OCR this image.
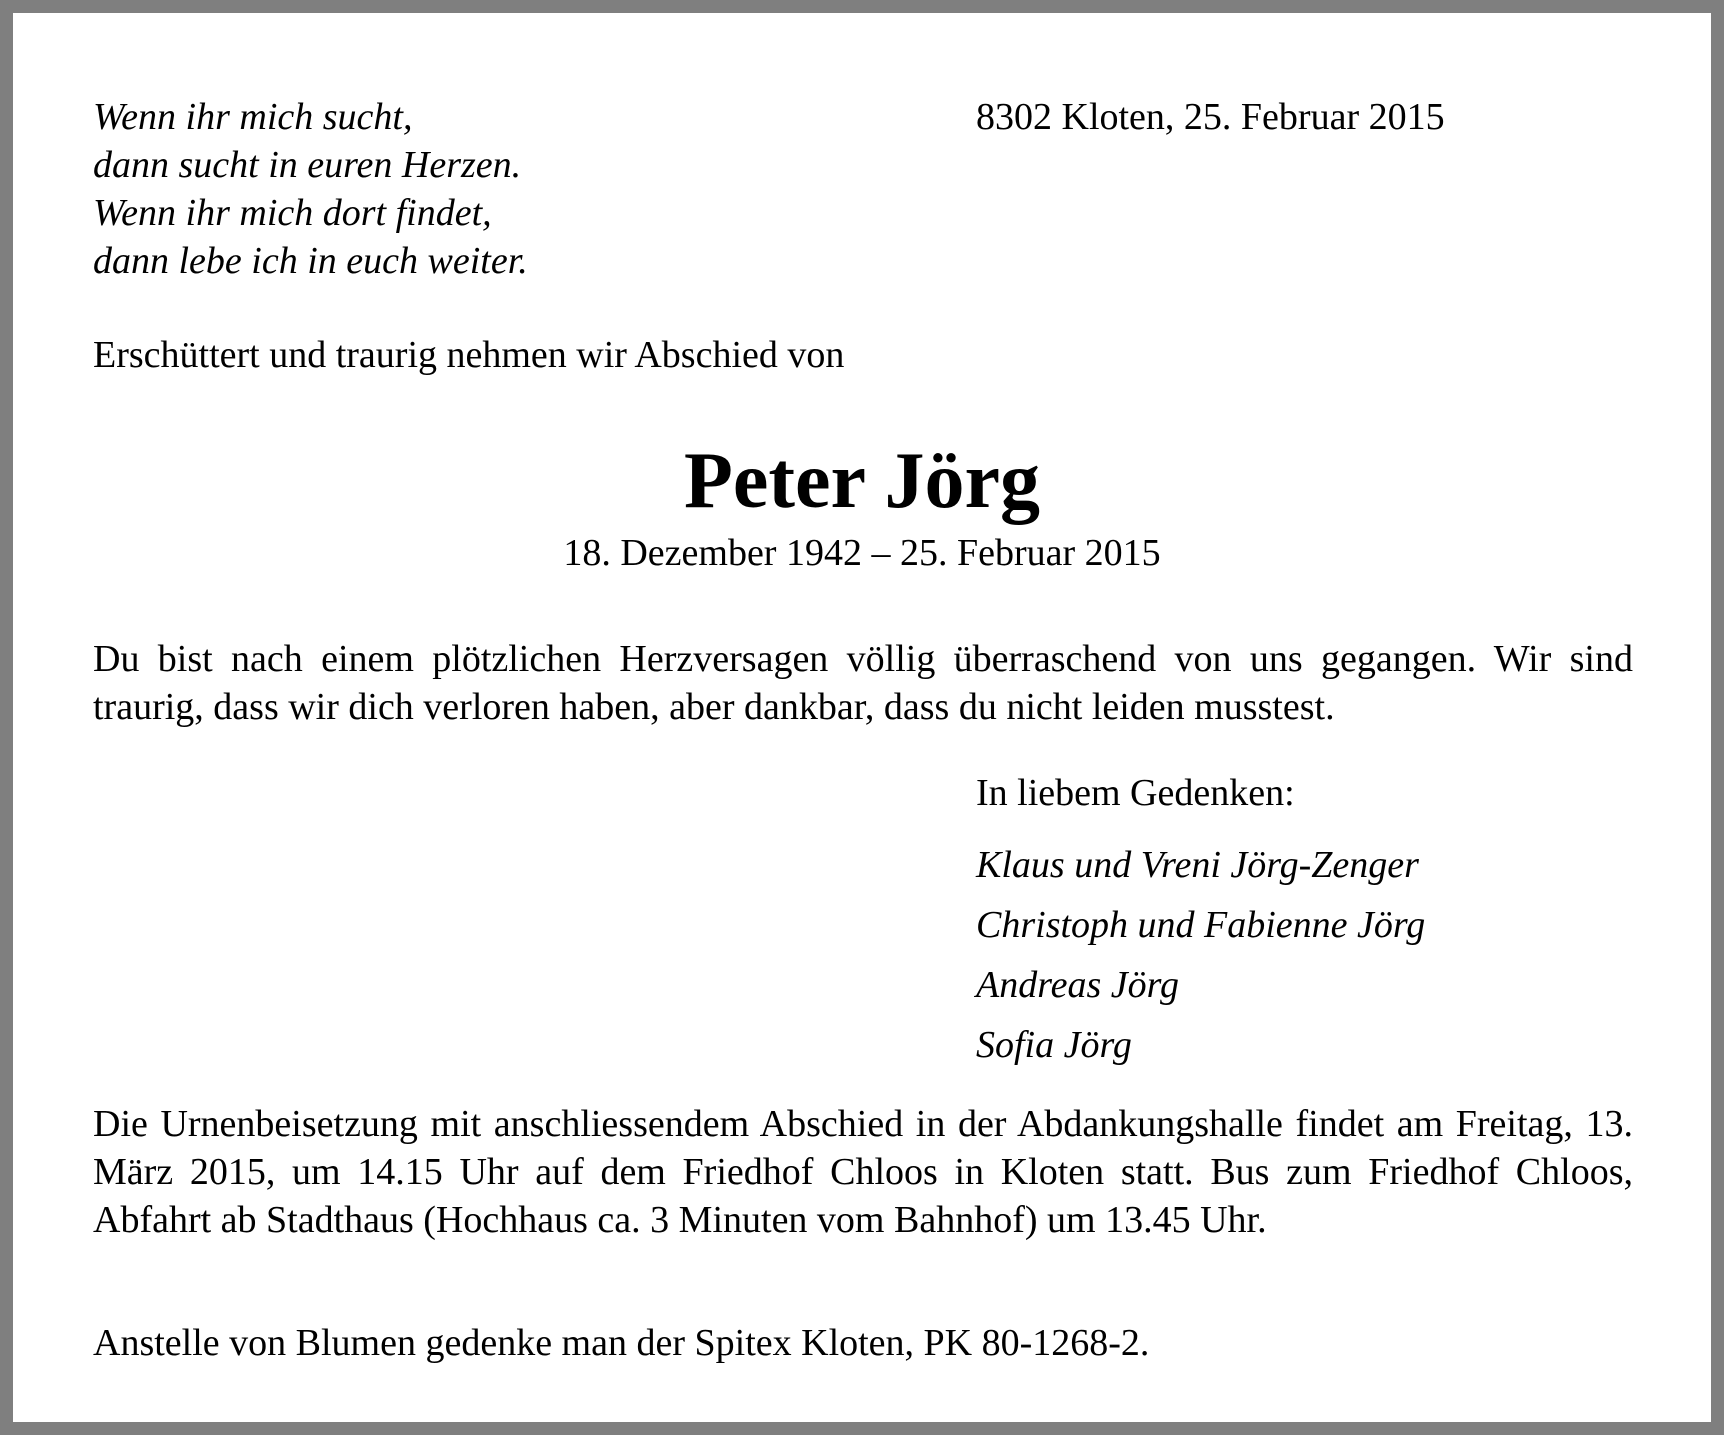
Wenn ihr mich sucht,
dann sucht in euren Herzen.
Wenn ihr mich dort findet,
dann lebe ich in euch weiter.
8302 Kloten, 25. Februar 2015
Erschüttert und traurig nehmen wir Abschied von
Peter Jörg
18. Dezember 1942 – 25. Februar 2015

Du bist nach einem plötzlichen Herzversagen völlig überraschend von uns gegangen. Wir sind traurig, dass wir dich verloren haben, aber dankbar, dass du nicht leiden musstest.

In liebem Gedenken:
Klaus und Vreni Jörg-Zenger
Christoph und Fabienne Jörg
Andreas Jörg
Sofia Jörg

Die Urnenbeisetzung mit anschliessendem Abschied in der Abdankungshalle findet am Freitag, 13. März 2015, um 14.15 Uhr auf dem Friedhof Chloos in Kloten statt. Bus zum Friedhof Chloos, Abfahrt ab Stadthaus (Hochhaus ca. 3 Minuten vom Bahnhof) um 13.45 Uhr.

Anstelle von Blumen gedenke man der Spitex Kloten, PK 80-1268-2.
